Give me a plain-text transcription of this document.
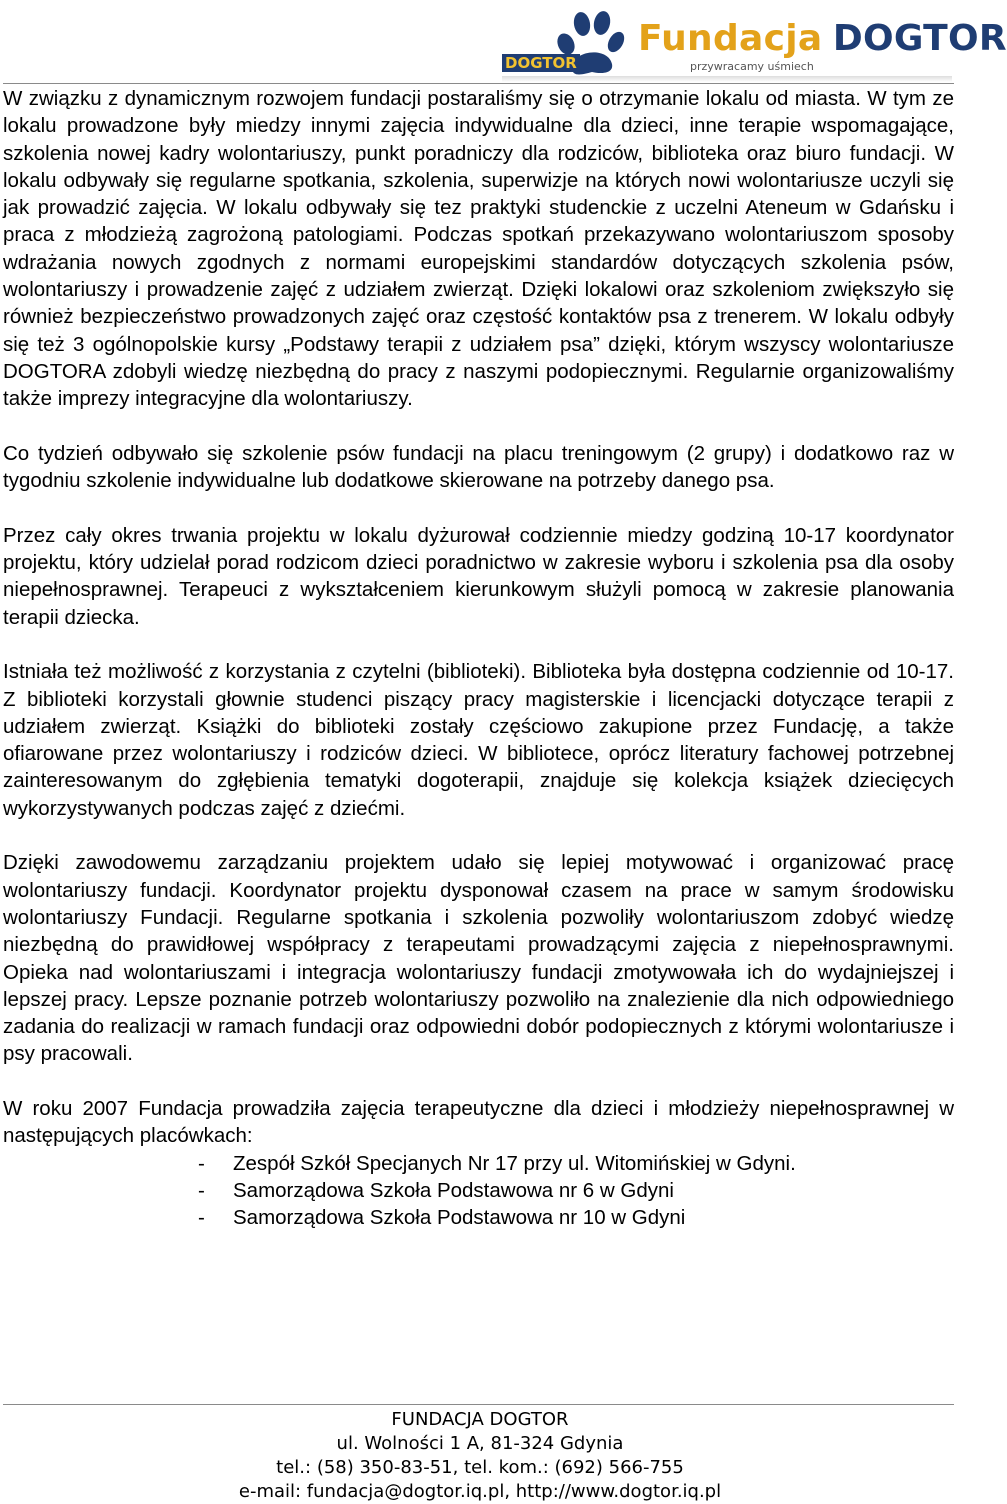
DOGTOR
Fundacja DOGTOR
przywracamy uśmiech

W związku z dynamicznym rozwojem fundacji postaraliśmy się o otrzymanie lokalu od miasta. W tym ze lokalu prowadzone były miedzy innymi zajęcia indywidualne dla dzieci, inne terapie wspomagające, szkolenia nowej kadry wolontariuszy, punkt poradniczy dla rodziców, biblioteka oraz biuro fundacji. W lokalu odbywały się regularne spotkania, szkolenia, superwizje na których nowi wolontariusze uczyli się jak prowadzić zajęcia. W lokalu odbywały się tez praktyki studenckie z uczelni Ateneum w Gdańsku i praca z młodzieżą zagrożoną patologiami. Podczas spotkań przekazywano wolontariuszom sposoby wdrażania nowych zgodnych z normami europejskimi standardów dotyczących szkolenia psów, wolontariuszy i prowadzenie zajęć z udziałem zwierząt. Dzięki lokalowi oraz szkoleniom zwiększyło się również bezpieczeństwo prowadzonych zajęć oraz częstość kontaktów psa z trenerem. W lokalu odbyły się też 3 ogólnopolskie kursy „Podstawy terapii z udziałem psa” dzięki, którym wszyscy wolontariusze DOGTORA zdobyli wiedzę niezbędną do pracy z naszymi podopiecznymi. Regularnie organizowaliśmy także imprezy integracyjne dla wolontariuszy.

Co tydzień odbywało się szkolenie psów fundacji na placu treningowym (2 grupy) i dodatkowo raz w tygodniu szkolenie indywidualne lub dodatkowe skierowane na potrzeby danego psa.

Przez cały okres trwania projektu w lokalu dyżurował codziennie miedzy godziną 10-17 koordynator projektu, który udzielał porad rodzicom dzieci poradnictwo w zakresie wyboru i szkolenia psa dla osoby niepełnosprawnej. Terapeuci z wykształceniem kierunkowym służyli pomocą w zakresie planowania terapii dziecka.

Istniała też możliwość z korzystania z czytelni (biblioteki). Biblioteka była dostępna codziennie od 10-17. Z biblioteki korzystali głownie studenci piszący pracy magisterskie i licencjacki dotyczące terapii z udziałem zwierząt. Książki do biblioteki zostały częściowo zakupione przez Fundację, a także ofiarowane przez wolontariuszy i rodziców dzieci. W bibliotece, oprócz literatury fachowej potrzebnej zainteresowanym do zgłębienia tematyki dogoterapii, znajduje się kolekcja książek dziecięcych wykorzystywanych podczas zajęć z dziećmi.

Dzięki zawodowemu zarządzaniu projektem udało się lepiej motywować i organizować pracę wolontariuszy fundacji. Koordynator projektu dysponował czasem na prace w samym środowisku wolontariuszy Fundacji. Regularne spotkania i szkolenia pozwoliły wolontariuszom zdobyć wiedzę niezbędną do prawidłowej współpracy z terapeutami prowadzącymi zajęcia z niepełnosprawnymi. Opieka nad wolontariuszami i integracja wolontariuszy fundacji zmotywowała ich do wydajniejszej i lepszej pracy. Lepsze poznanie potrzeb wolontariuszy pozwoliło na znalezienie dla nich odpowiedniego zadania do realizacji w ramach fundacji oraz odpowiedni dobór podopiecznych z którymi wolontariusze i psy pracowali.

W roku 2007 Fundacja prowadziła zajęcia terapeutyczne dla dzieci i młodzieży niepełnosprawnej w następujących placówkach:

- Zespół Szkół Specjanych Nr 17 przy ul. Witomińskiej w Gdyni.
- Samorządowa Szkoła Podstawowa nr 6 w Gdyni
- Samorządowa Szkoła Podstawowa nr 10 w Gdyni
FUNDACJA DOGTOR
ul. Wolności 1 A, 81-324 Gdynia
tel.: (58) 350-83-51, tel. kom.: (692) 566-755
e-mail: fundacja@dogtor.iq.pl, http://www.dogtor.iq.pl
